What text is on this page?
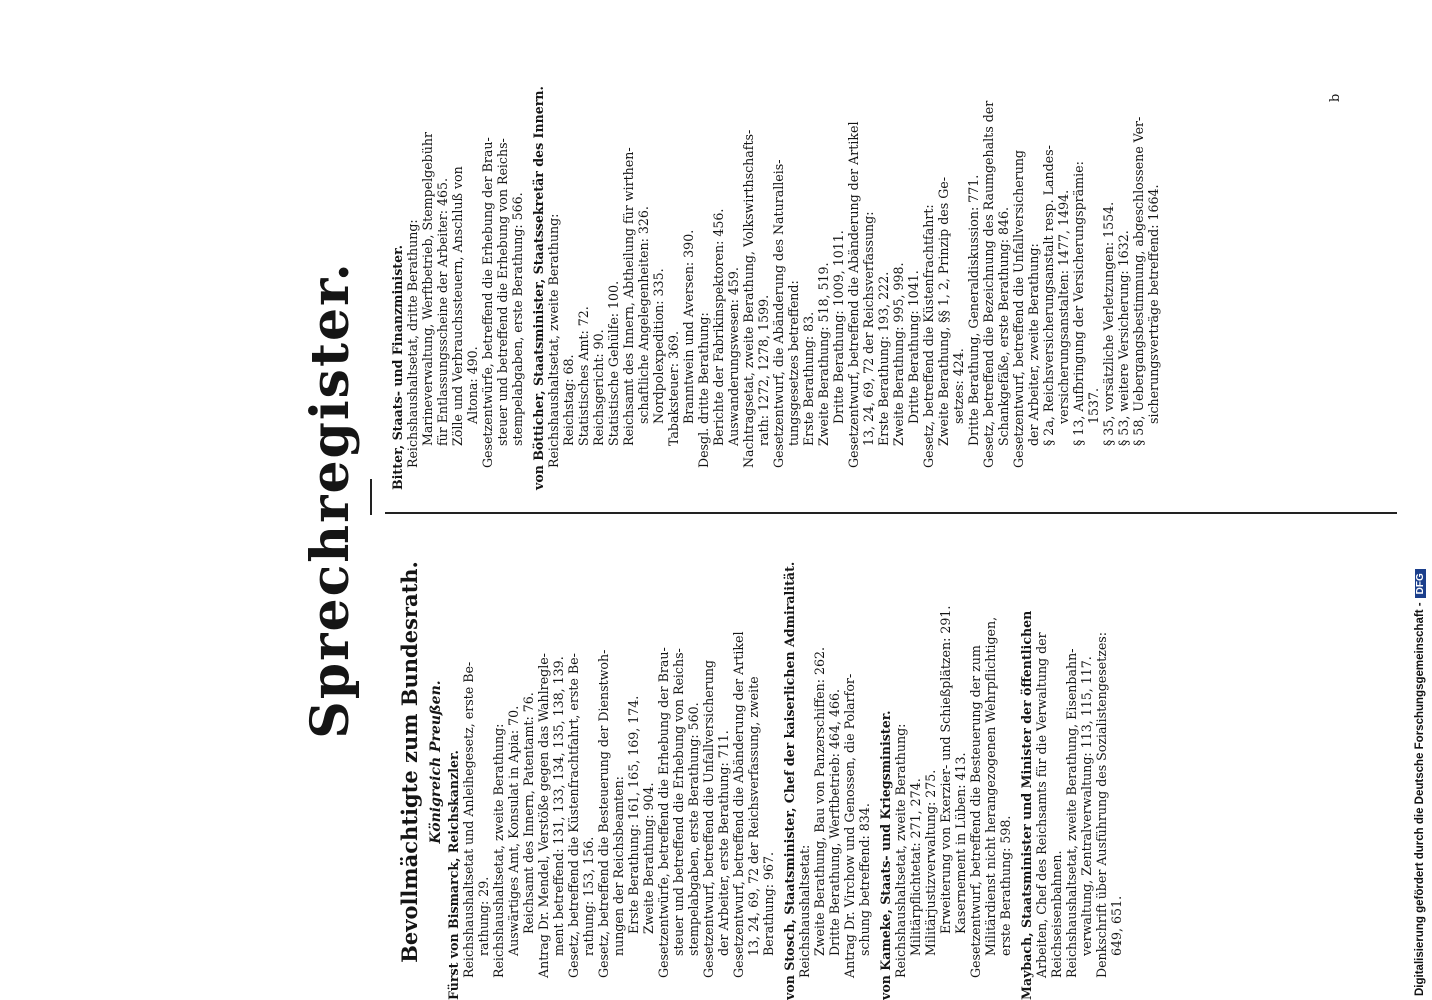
Sprechregister.
Bevollmächtigte zum Bundesrath. Königreich Preußen. Fürst von Bismarck, Reichskanzler. Reichshaushaltsetat und Anleihegesetz, erste Be- rathung: 29. Reichshaushaltsetat, zweite Berathung: Auswärtiges Amt, Konsulat in Apia: 70. Reichsamt des Innern, Patentamt: 76. Antrag Dr. Mendel, Verstöße gegen das Wahlregle- ment betreffend: 131, 133, 134, 135, 138, 139. Gesetz, betreffend die Küstenfrachtfahrt, erste Be- rathung: 153, 156. Gesetz, betreffend die Besteuerung der Dienstwoh- nungen der Reichsbeamten: Erste Berathung: 161, 165, 169, 174. Zweite Berathung: 904. Gesetzentwürfe, betreffend die Erhebung der Brau- steuer und betreffend die Erhebung von Reichs- stempelabgaben, erste Berathung: 560. Gesetzentwurf, betreffend die Unfallversicherung der Arbeiter, erste Berathung: 711. Gesetzentwurf, betreffend die Abänderung der Artikel 13, 24, 69, 72 der Reichsverfassung, zweite Berathung: 967. von Stosch, Staatsminister, Chef der kaiserlichen Admiralität. Reichshaushaltsetat: Zweite Berathung, Bau von Panzerschiffen: 262. Dritte Berathung, Werftbetrieb: 464, 466. Antrag Dr. Virchow und Genossen, die Polarfor- schung betreffend: 834. von Kameke, Staats- und Kriegsminister. Reichshaushaltsetat, zweite Berathung: Militärpflichtetat: 271, 274. Militärjustizverwaltung: 275. Erweiterung von Exerzier- und Schießplätzen: 291. Kasernement in Lüben: 413. Gesetzentwurf, betreffend die Besteuerung der zum Militärdienst nicht herangezogenen Wehrpflichtigen, erste Berathung: 598. Maybach, Staatsminister und Minister der öffentlichen Arbeiten, Chef des Reichsamts für die Verwaltung der Reichseisenbahnen. Reichshaushaltsetat, zweite Berathung, Eisenbahn- verwaltung, Zentralverwaltung: 113, 115, 117. Denkschrift über Ausführung des Sozialistengesetzes: 649, 651.
Bitter, Staats- und Finanzminister. Reichshaushaltsetat, dritte Berathung: Marineverwaltung, Werftbetrieb, Stempelgebühr für Entlassungsscheine der Arbeiter: 465. Zölle und Verbrauchssteuern, Anschluß von Altona: 490. Gesetzentwürfe, betreffend die Erhebung der Brau- steuer und betreffend die Erhebung von Reichs- stempelabgaben, erste Berathung: 566. von Bötticher, Staatsminister, Staatssekretär des Innern. Reichshaushaltsetat, zweite Berathung: Reichstag: 68. Statistisches Amt: 72. Reichsgericht: 90. Statistische Gehülfe: 100. Reichsamt des Innern, Abtheilung für wirthen- schaftliche Angelegenheiten: 326. Nordpolexpedition: 335. Tabaksteuer: 369. Branntwein und Aversen: 390. Desgl. dritte Berathung: Berichte der Fabrikinspektoren: 456. Auswanderungswesen: 459. Nachtragsetat, zweite Berathung, Volkswirthschafts- rath: 1272, 1278, 1599. Gesetzentwurf, die Abänderung des Naturalleis- tungsgesetzes betreffend: Erste Berathung: 83. Zweite Berathung: 518, 519. Dritte Berathung: 1009, 1011. Gesetzentwurf, betreffend die Abänderung der Artikel 13, 24, 69, 72 der Reichsverfassung: Erste Berathung: 193, 222. Zweite Berathung: 995, 998. Dritte Berathung: 1041. Gesetz, betreffend die Küstenfrachtfahrt: Zweite Berathung, §§ 1, 2, Prinzip des Ge- setzes: 424. Dritte Berathung, Generaldiskussion: 771. Gesetz, betreffend die Bezeichnung des Raumgehalts der Schankgefäße, erste Berathung: 846. Gesetzentwurf, betreffend die Unfallversicherung der Arbeiter, zweite Berathung: § 2a, Reichsversicherungsanstalt resp. Landes- versicherungsanstalten: 1477, 1494. § 13, Aufbringung der Versicherungsprämie: 1537. § 35, vorsätzliche Verletzungen: 1554. § 53, weitere Versicherung: 1632. § 58, Uebergangsbestimmung, abgeschlossene Ver- sicherungsverträge betreffend: 1664.
b
Digitalisierung gefördert durch die Deutsche Forschungsgemeinschaft -DFG
